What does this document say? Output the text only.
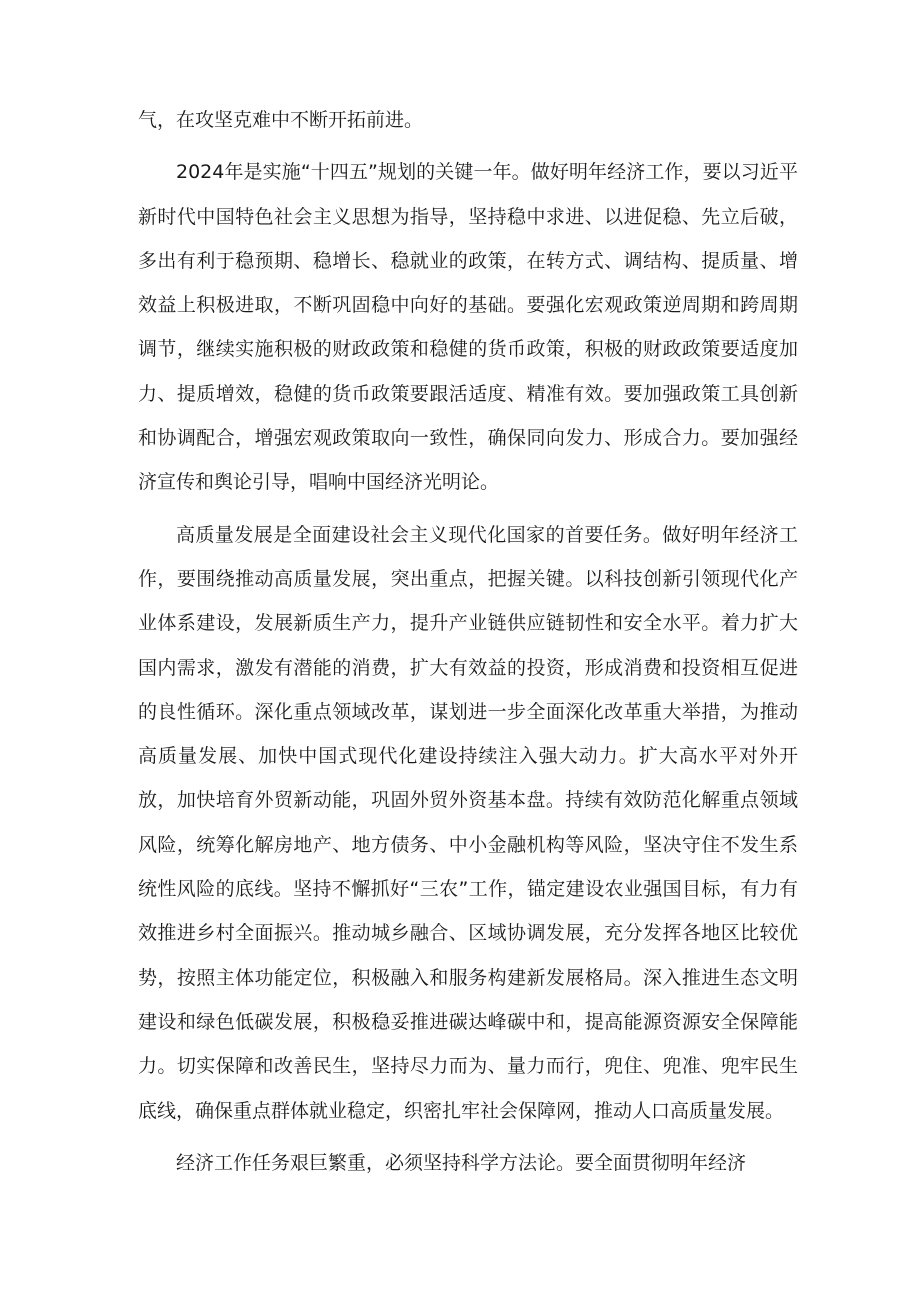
气，在攻坚克难中不断开拓前进。

2024年是实施“十四五”规划的关键一年。做好明年经济工作，要以习近平新时代中国特色社会主义思想为指导，坚持稳中求进、以进促稳、先立后破，多出有利于稳预期、稳增长、稳就业的政策，在转方式、调结构、提质量、增效益上积极进取，不断巩固稳中向好的基础。要强化宏观政策逆周期和跨周期调节，继续实施积极的财政政策和稳健的货币政策，积极的财政政策要适度加力、提质增效，稳健的货币政策要跟活适度、精准有效。要加强政策工具创新和协调配合，增强宏观政策取向一致性，确保同向发力、形成合力。要加强经济宣传和舆论引导，唱响中国经济光明论。

高质量发展是全面建设社会主义现代化国家的首要任务。做好明年经济工作，要围绕推动高质量发展，突出重点，把握关键。以科技创新引领现代化产业体系建设，发展新质生产力，提升产业链供应链韧性和安全水平。着力扩大国内需求，激发有潜能的消费，扩大有效益的投资，形成消费和投资相互促进的良性循环。深化重点领域改革，谋划进一步全面深化改革重大举措，为推动高质量发展、加快中国式现代化建设持续注入强大动力。扩大高水平对外开放，加快培育外贸新动能，巩固外贸外资基本盘。持续有效防范化解重点领域风险，统筹化解房地产、地方债务、中小金融机构等风险，坚决守住不发生系统性风险的底线。坚持不懈抓好“三农”工作，锚定建设农业强国目标，有力有效推进乡村全面振兴。推动城乡融合、区域协调发展，充分发挥各地区比较优势，按照主体功能定位，积极融入和服务构建新发展格局。深入推进生态文明建设和绿色低碳发展，积极稳妥推进碳达峰碳中和，提高能源资源安全保障能力。切实保障和改善民生，坚持尽力而为、量力而行，兜住、兜准、兜牢民生底线，确保重点群体就业稳定，织密扎牢社会保障网，推动人口高质量发展。

经济工作任务艰巨繁重，必须坚持科学方法论。要全面贯彻明年经济
